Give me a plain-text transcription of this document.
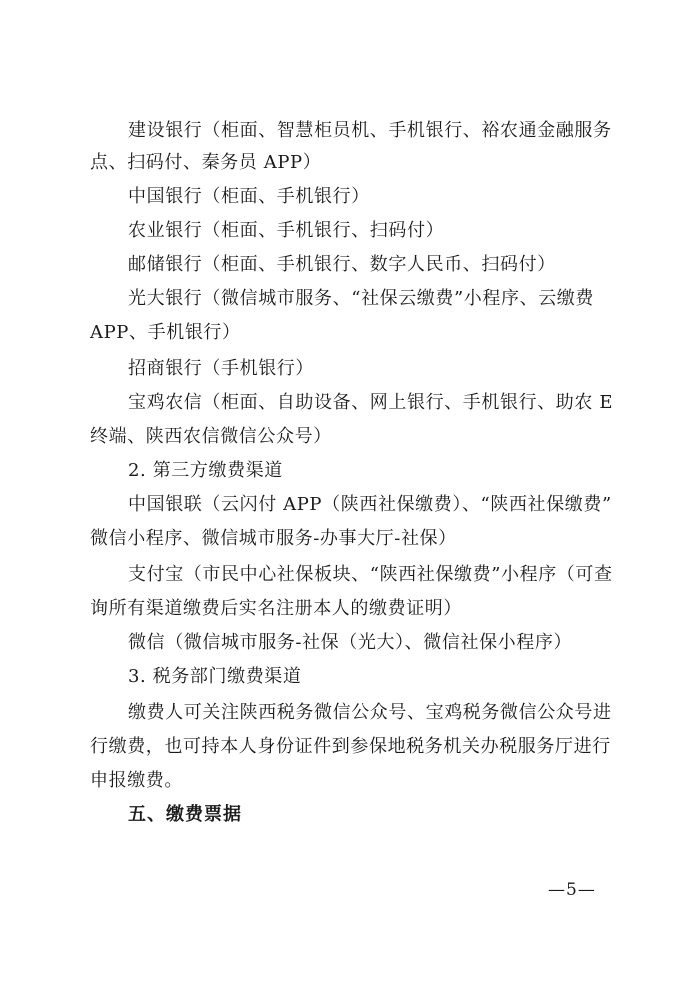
建设银行（柜面、智慧柜员机、手机银行、裕农通金融服务
点、扫码付、秦务员 APP）
中国银行（柜面、手机银行）
农业银行（柜面、手机银行、扫码付）
邮储银行（柜面、手机银行、数字人民币、扫码付）
光大银行（微信城市服务、“社保云缴费”小程序、云缴费
APP、手机银行）
招商银行（手机银行）
宝鸡农信（柜面、自助设备、网上银行、手机银行、助农 E
终端、陕西农信微信公众号）
2. 第三方缴费渠道
中国银联（云闪付 APP（陕西社保缴费）、“陕西社保缴费”
微信小程序、微信城市服务-办事大厅-社保）
支付宝（市民中心社保板块、“陕西社保缴费”小程序（可查
询所有渠道缴费后实名注册本人的缴费证明）
微信（微信城市服务-社保（光大）、微信社保小程序）
3. 税务部门缴费渠道
缴费人可关注陕西税务微信公众号、宝鸡税务微信公众号进
行缴费，也可持本人身份证件到参保地税务机关办税服务厅进行
申报缴费。
五、缴费票据
—5—
